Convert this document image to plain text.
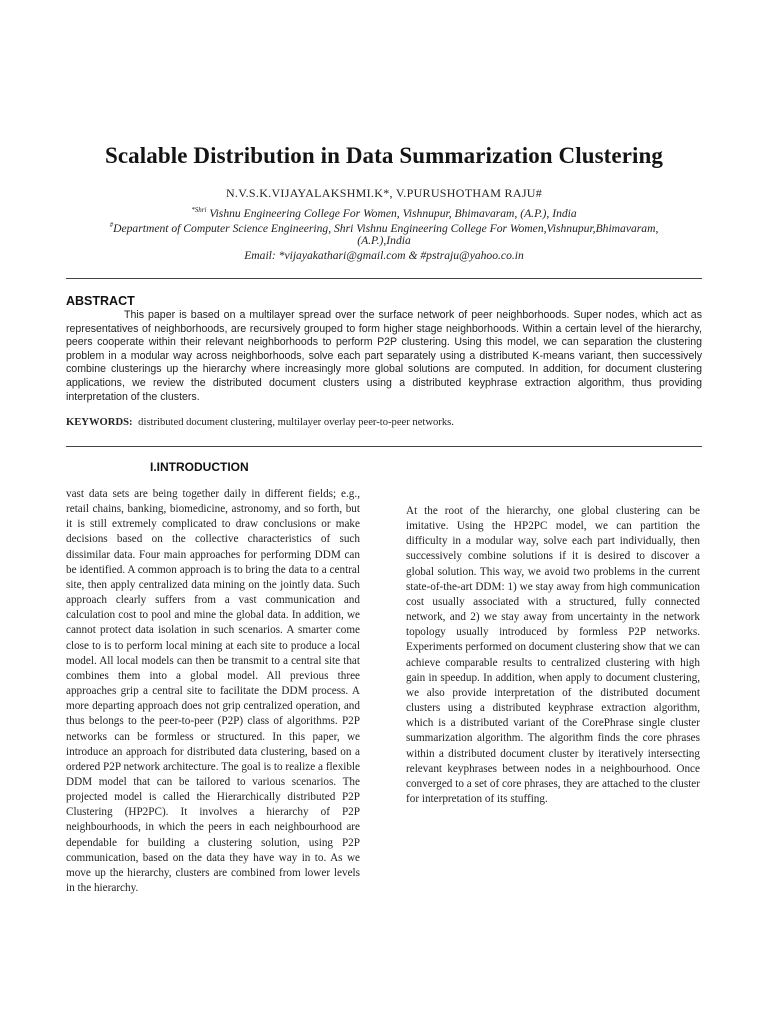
Scalable Distribution in Data Summarization Clustering
N.V.S.K.VIJAYALAKSHMI.K*, V.PURUSHOTHAM RAJU#
$^{*Shri}$ Vishnu Engineering College For Women, Vishnupur, Bhimavaram, (A.P.), India
#Department of Computer Science Engineering, Shri Vishnu Engineering College For Women,Vishnupur,Bhimavaram,
(A.P.),India
Email: *vijayakathari@gmail.com & #pstraju@yahoo.co.in
ABSTRACT

This paper is based on a multilayer spread over the surface network of peer neighborhoods. Super nodes, which act as representatives of neighborhoods, are recursively grouped to form higher stage neighborhoods. Within a certain level of the hierarchy, peers cooperate within their relevant neighborhoods to perform P2P clustering. Using this model, we can separation the clustering problem in a modular way across neighborhoods, solve each part separately using a distributed K-means variant, then successively combine clusterings up the hierarchy where increasingly more global solutions are computed. In addition, for document clustering applications, we review the distributed document clusters using a distributed keyphrase extraction algorithm, thus providing interpretation of the clusters.

KEYWORDS: distributed document clustering, multilayer overlay peer-to-peer networks.
I.INTRODUCTION

vast data sets are being together daily in different fields; e.g., retail chains, banking, biomedicine, astronomy, and so forth, but it is still extremely complicated to draw conclusions or make decisions based on the collective characteristics of such dissimilar data. Four main approaches for performing DDM can be identified. A common approach is to bring the data to a central site, then apply centralized data mining on the jointly data. Such approach clearly suffers from a vast communication and calculation cost to pool and mine the global data. In addition, we cannot protect data isolation in such scenarios. A smarter come close to is to perform local mining at each site to produce a local model. All local models can then be transmit to a central site that combines them into a global model. All previous three approaches grip a central site to facilitate the DDM process. A more departing approach does not grip centralized operation, and thus belongs to the peer-to-peer (P2P) class of algorithms. P2P networks can be formless or structured. In this paper, we introduce an approach for distributed data clustering, based on a ordered P2P network architecture. The goal is to realize a flexible DDM model that can be tailored to various scenarios. The projected model is called the Hierarchically distributed P2P Clustering (HP2PC). It involves a hierarchy of P2P neighbourhoods, in which the peers in each neighbourhood are dependable for building a clustering solution, using P2P communication, based on the data they have way in to. As we move up the hierarchy, clusters are combined from lower levels in the hierarchy.

At the root of the hierarchy, one global clustering can be imitative. Using the HP2PC model, we can partition the difficulty in a modular way, solve each part individually, then successively combine solutions if it is desired to discover a global solution. This way, we avoid two problems in the current state-of-the-art DDM: 1) we stay away from high communication cost usually associated with a structured, fully connected network, and 2) we stay away from uncertainty in the network topology usually introduced by formless P2P networks. Experiments performed on document clustering show that we can achieve comparable results to centralized clustering with high gain in speedup. In addition, when apply to document clustering, we also provide interpretation of the distributed document clusters using a distributed keyphrase extraction algorithm, which is a distributed variant of the CorePhrase single cluster summarization algorithm. The algorithm finds the core phrases within a distributed document cluster by iteratively intersecting relevant keyphrases between nodes in a neighbourhood. Once converged to a set of core phrases, they are attached to the cluster for interpretation of its stuffing.
